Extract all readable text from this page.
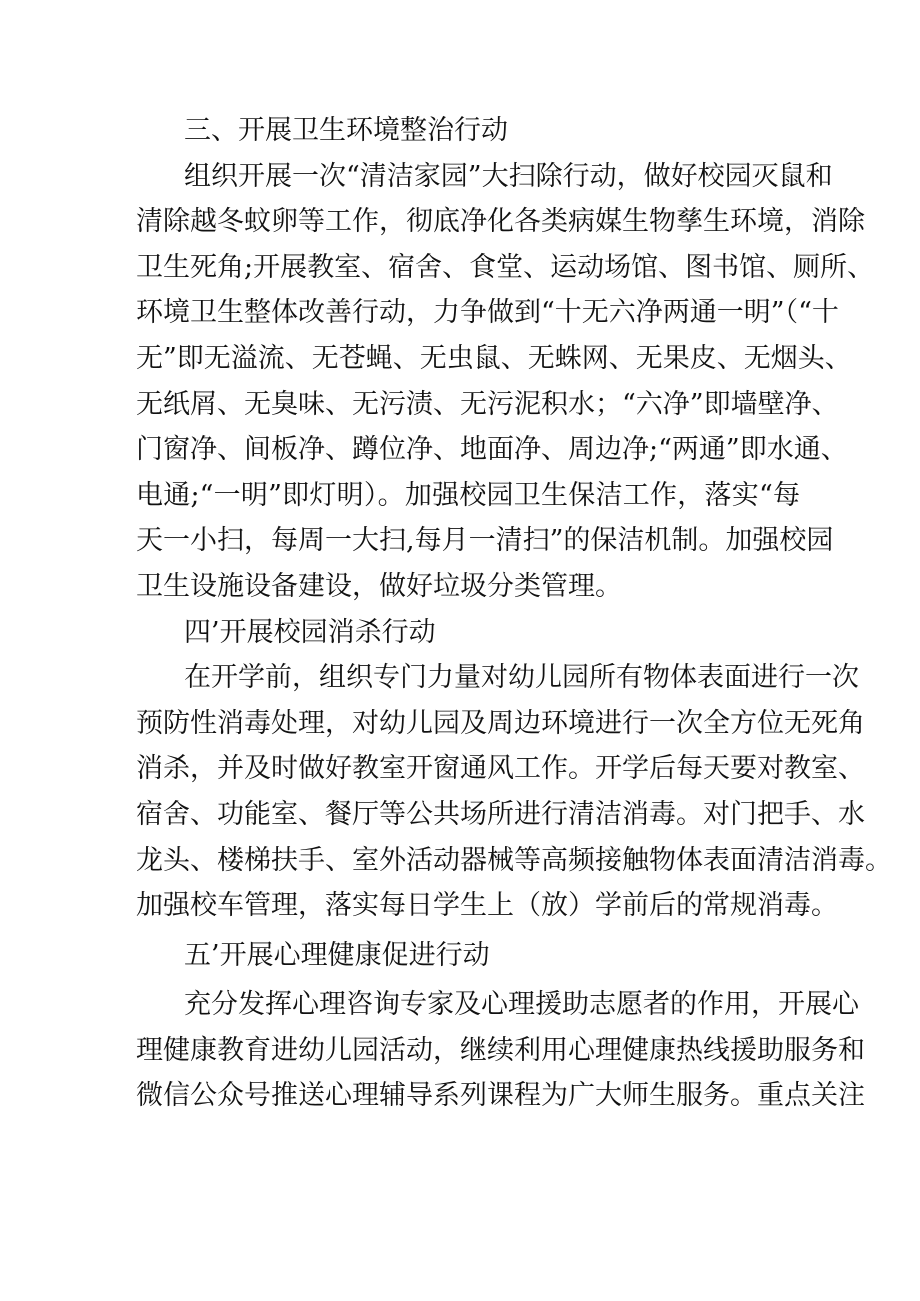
三、开展卫生环境整治行动
组织开展一次“清洁家园”大扫除行动，做好校园灭鼠和
清除越冬蚊卵等工作，彻底净化各类病媒生物孳生环境，消除
卫生死角;开展教室、宿舍、食堂、运动场馆、图书馆、厕所、
环境卫生整体改善行动，力争做到“十无六净两通一明”（“十
无”即无溢流、无苍蝇、无虫鼠、无蛛网、无果皮、无烟头、
无纸屑、无臭味、无污渍、无污泥积水；“六净”即墙壁净、
门窗净、间板净、蹲位净、地面净、周边净;“两通”即水通、
电通;“一明”即灯明）。加强校园卫生保洁工作，落实“每
天一小扫，每周一大扫,每月一清扫”的保洁机制。加强校园
卫生设施设备建设，做好垃圾分类管理。
四’开展校园消杀行动
在开学前，组织专门力量对幼儿园所有物体表面进行一次
预防性消毒处理，对幼儿园及周边环境进行一次全方位无死角
消杀，并及时做好教室开窗通风工作。开学后每天要对教室、
宿舍、功能室、餐厅等公共场所进行清洁消毒。对门把手、水
龙头、楼梯扶手、室外活动器械等高频接触物体表面清洁消毒。
加强校车管理，落实每日学生上（放）学前后的常规消毒。
五’开展心理健康促进行动
充分发挥心理咨询专家及心理援助志愿者的作用，开展心
理健康教育进幼儿园活动，继续利用心理健康热线援助服务和
微信公众号推送心理辅导系列课程为广大师生服务。重点关注
